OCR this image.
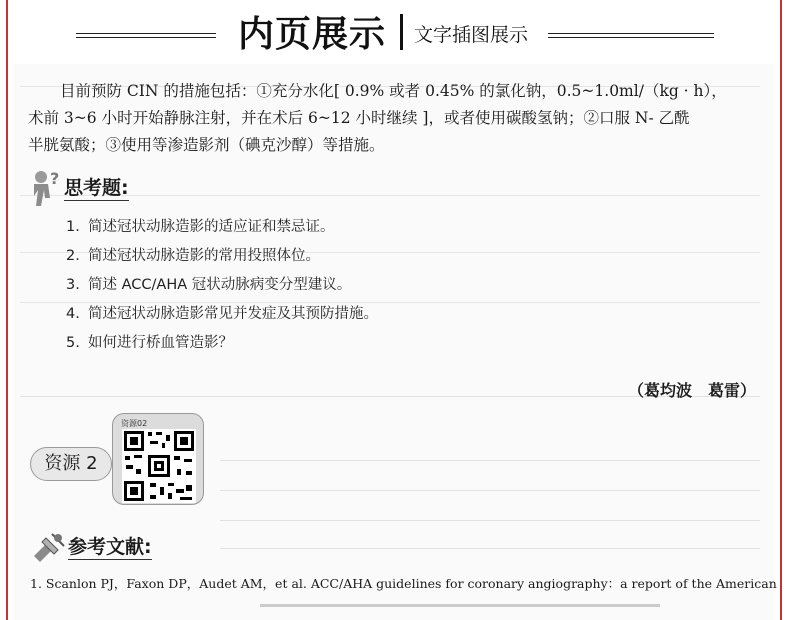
内页展示 文字插图展示

目前预防 CIN 的措施包括：①充分水化[ 0.9% 或者 0.45% 的氯化钠，0.5~1.0ml/（kg · h），

术前 3~6 小时开始静脉注射，并在术后 6~12 小时继续 ]，或者使用碳酸氢钠；②口服 N- 乙酰

半胱氨酸；③使用等渗造影剂（碘克沙醇）等措施。

? 思考题:
1. 简述冠状动脉造影的适应证和禁忌证。
2. 简述冠状动脉造影的常用投照体位。
3. 简述 ACC/AHA 冠状动脉病变分型建议。
4. 简述冠状动脉造影常见并发症及其预防措施。
5. 如何进行桥血管造影？
（葛均波　葛雷）
资源 2
资源02
参考文献:
1. Scanlon PJ，Faxon DP，Audet AM，et al. ACC/AHA guidelines for coronary angiography：a report of the American
